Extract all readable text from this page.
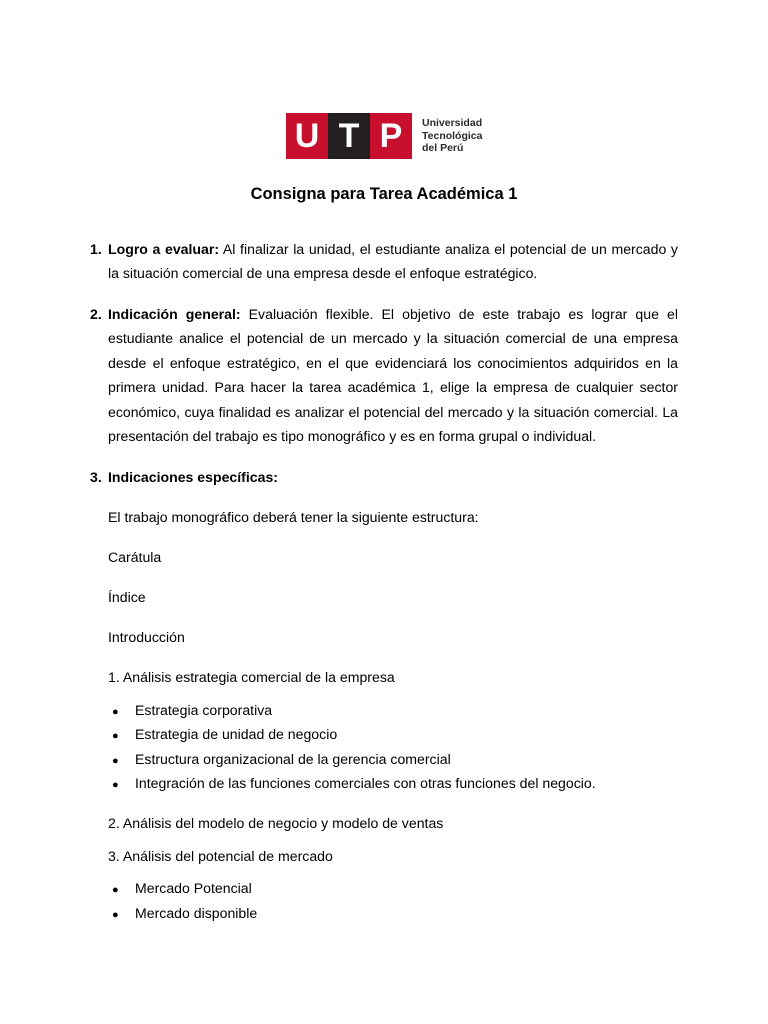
U T P	Universidad
Tecnológica
del Perú
Consigna para Tarea Académica 1
1. Logro a evaluar: Al finalizar la unidad, el estudiante analiza el potencial de un mercado y la situación comercial de una empresa desde el enfoque estratégico.
2. Indicación general: Evaluación flexible. El objetivo de este trabajo es lograr que el estudiante analice el potencial de un mercado y la situación comercial de una empresa desde el enfoque estratégico, en el que evidenciará los conocimientos adquiridos en la primera unidad. Para hacer la tarea académica 1, elige la empresa de cualquier sector económico, cuya finalidad es analizar el potencial del mercado y la situación comercial. La presentación del trabajo es tipo monográfico y es en forma grupal o individual.
3. Indicaciones específicas:
El trabajo monográfico deberá tener la siguiente estructura:
Carátula
Índice
Introducción
1. Análisis estrategia comercial de la empresa
● Estrategia corporativa
● Estrategia de unidad de negocio
● Estructura organizacional de la gerencia comercial
● Integración de las funciones comerciales con otras funciones del negocio.
2. Análisis del modelo de negocio y modelo de ventas
3. Análisis del potencial de mercado
● Mercado Potencial
● Mercado disponible
